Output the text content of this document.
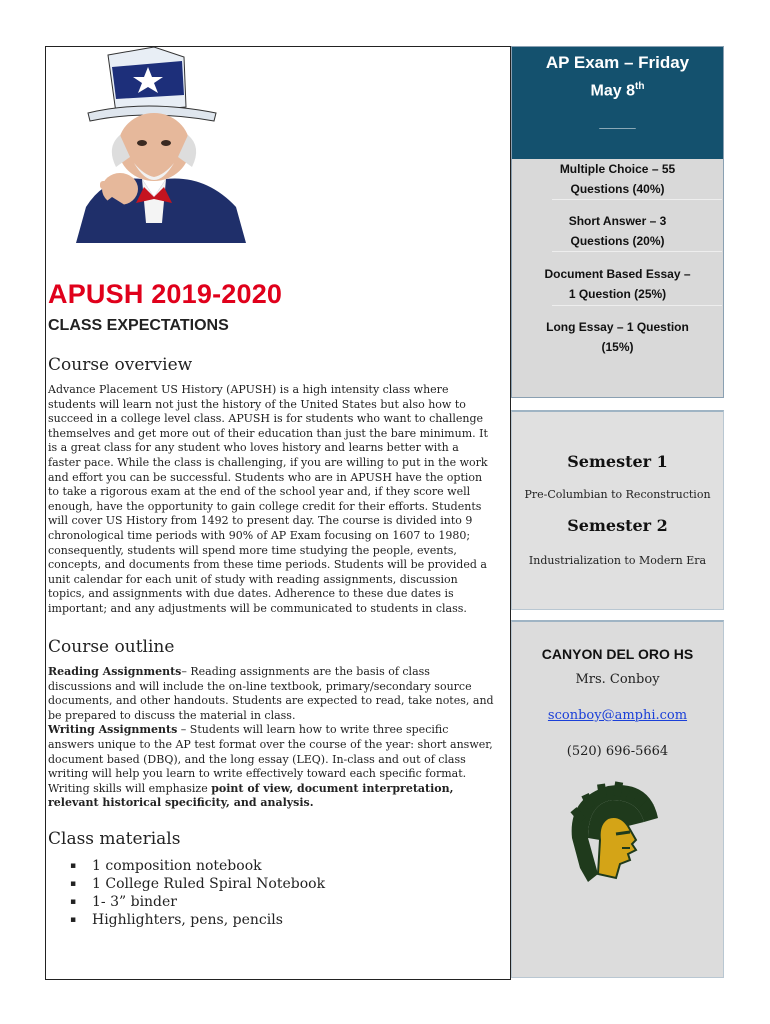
APUSH 2019-2020
CLASS EXPECTATIONS
Course overview
Advance Placement US History (APUSH) is a high intensity class where students will learn not just the history of the United States but also how to succeed in a college level class. APUSH is for students who want to challenge themselves and get more out of their education than just the bare minimum. It is a great class for any student who loves history and learns better with a faster pace. While the class is challenging, if you are willing to put in the work and effort you can be successful. Students who are in APUSH have the option to take a rigorous exam at the end of the school year and, if they score well enough, have the opportunity to gain college credit for their efforts. Students will cover US History from 1492 to present day. The course is divided into 9 chronological time periods with 90% of AP Exam focusing on 1607 to 1980; consequently, students will spend more time studying the people, events, concepts, and documents from these time periods. Students will be provided a unit calendar for each unit of study with reading assignments, discussion topics, and assignments with due dates. Adherence to these due dates is important; and any adjustments will be communicated to students in class.
Course outline
Reading Assignments– Reading assignments are the basis of class discussions and will include the on-line textbook, primary/secondary source documents, and other handouts. Students are expected to read, take notes, and be prepared to discuss the material in class.
Writing Assignments – Students will learn how to write three specific answers unique to the AP test format over the course of the year: short answer, document based (DBQ), and the long essay (LEQ). In-class and out of class writing will help you learn to write effectively toward each specific format. Writing skills will emphasize point of view, document interpretation, relevant historical specificity, and analysis.
Class materials
▪	1 composition notebook
▪	1 College Ruled Spiral Notebook
▪	1- 3” binder
▪	Highlighters, pens, pencils
AP Exam – Friday
May 8th
_____
Multiple Choice – 55
Questions (40%)
Short Answer – 3
Questions (20%)
Document Based Essay –
1 Question (25%)
Long Essay – 1 Question
(15%)
Semester 1
Pre-Columbian to Reconstruction
Semester 2
Industrialization to Modern Era
CANYON DEL ORO HS
Mrs. Conboy
sconboy@amphi.com
(520) 696-5664
